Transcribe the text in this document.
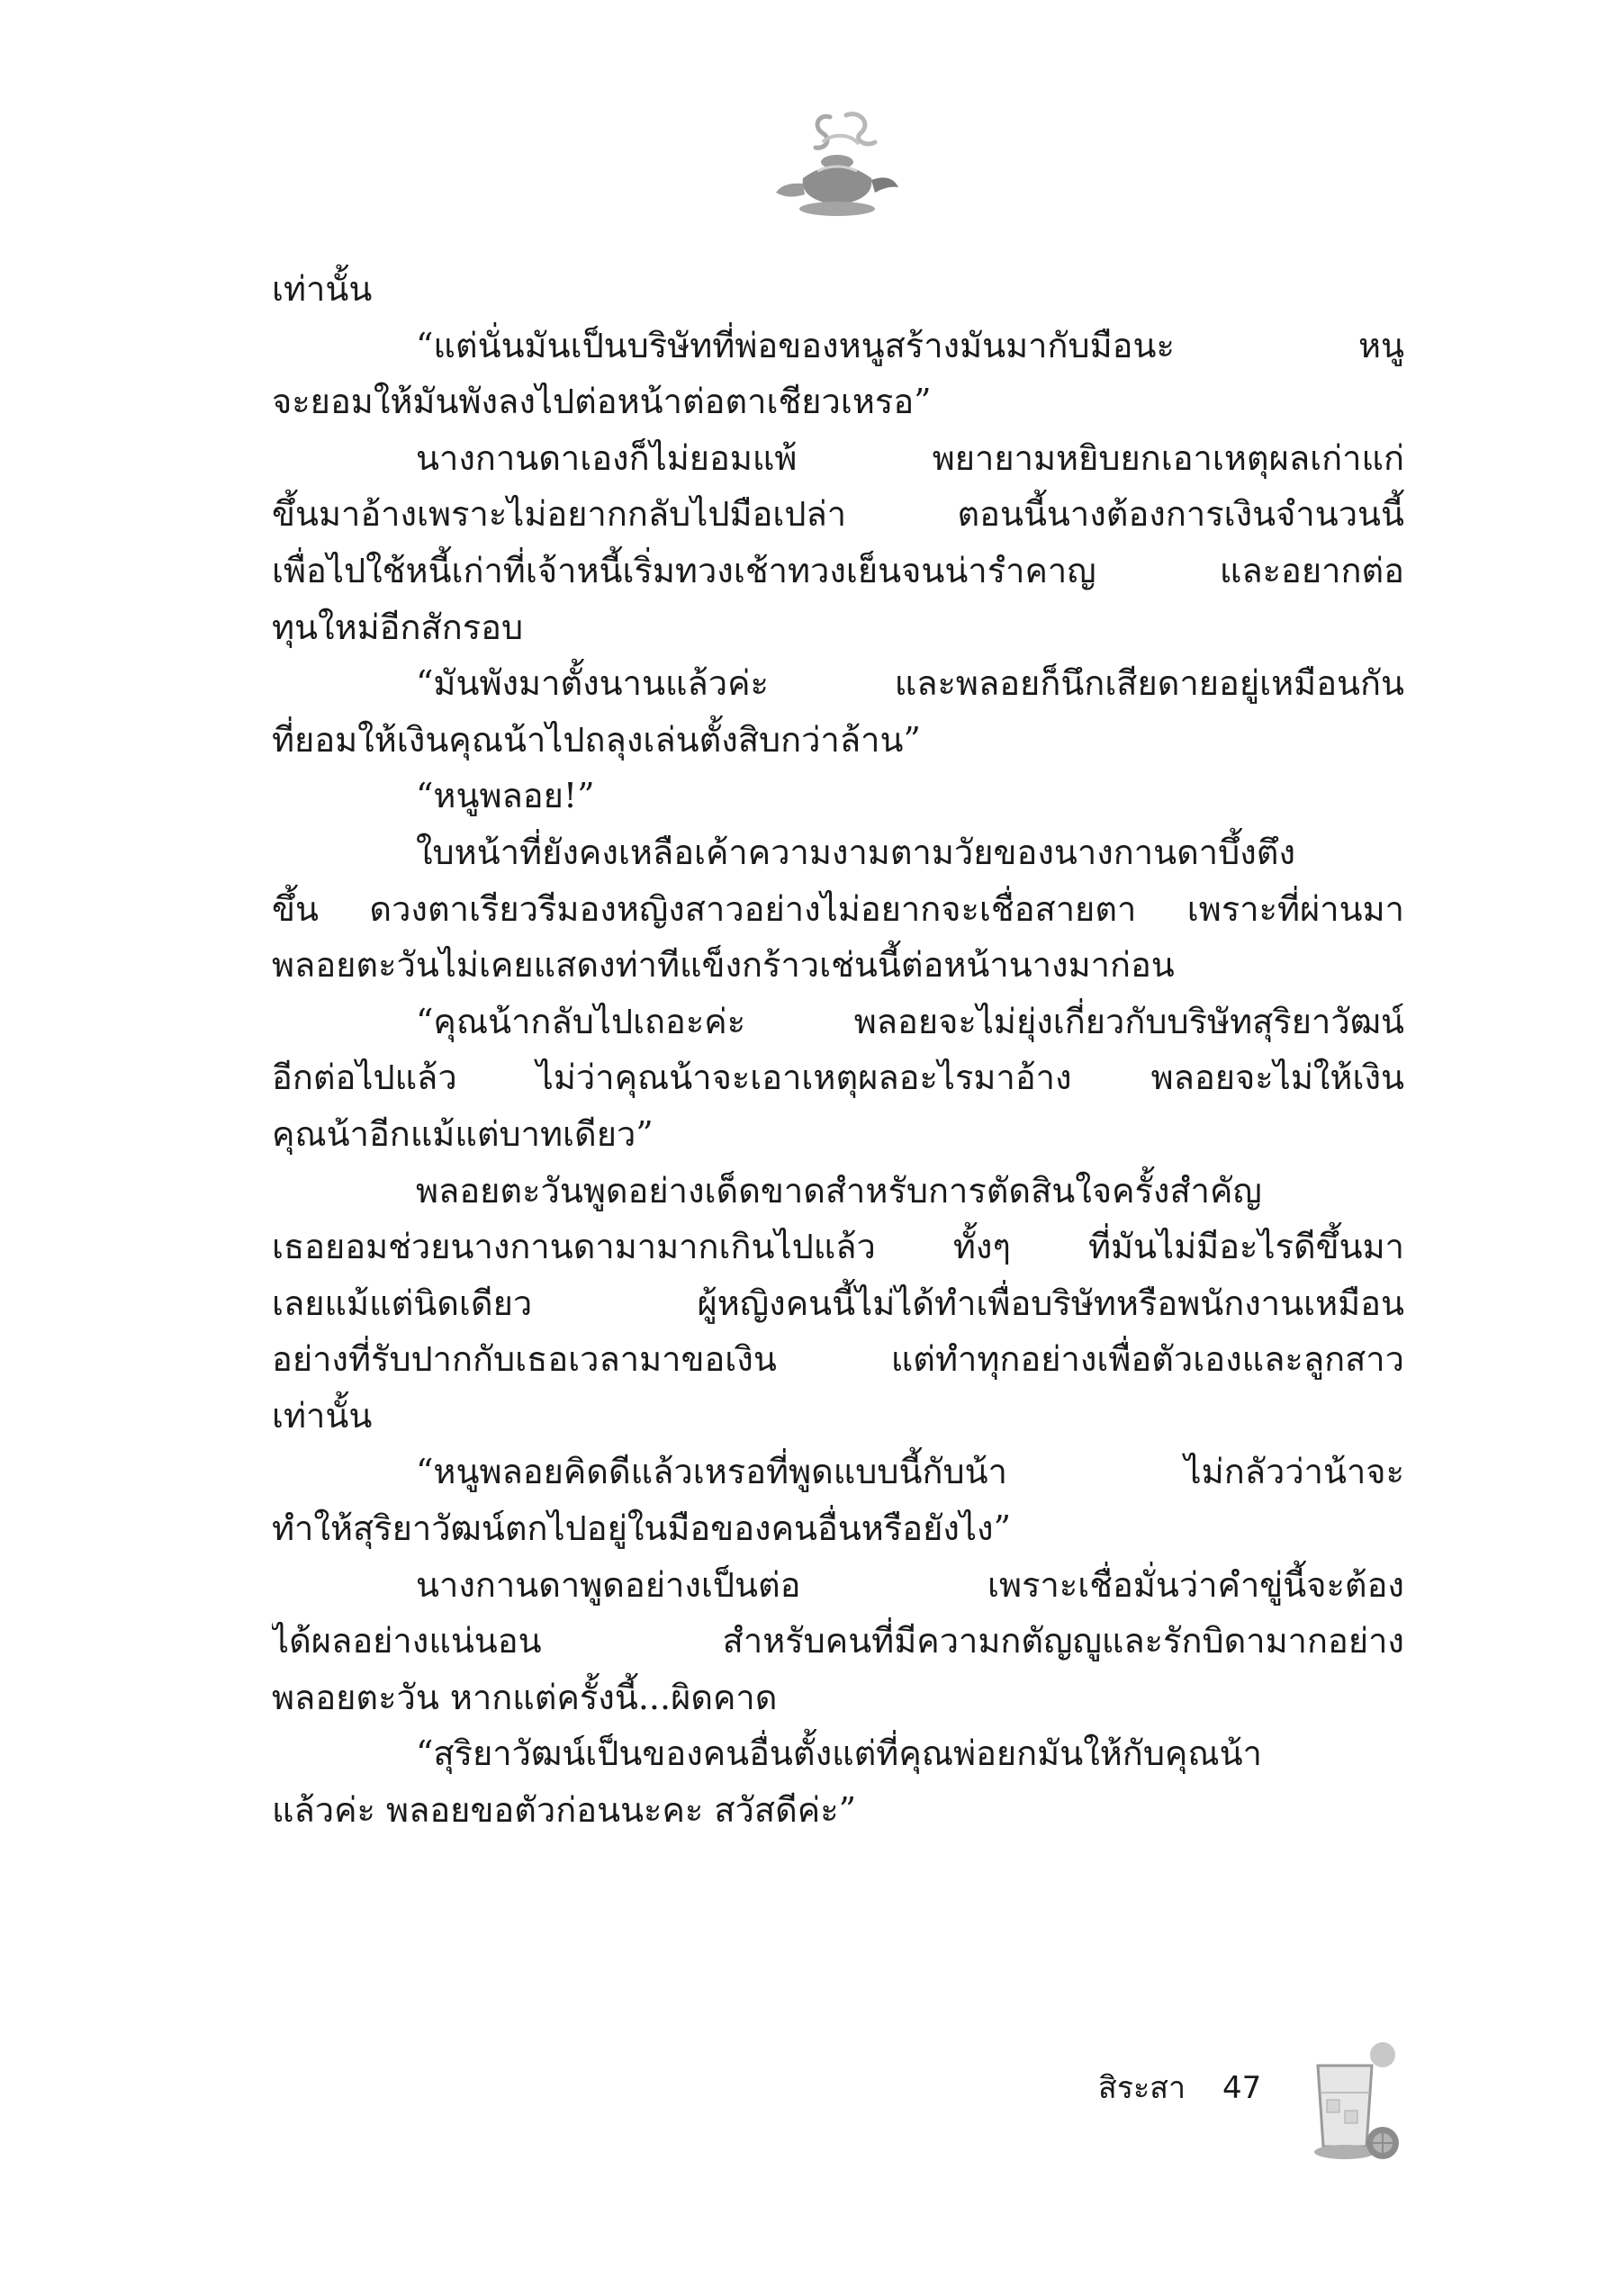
เท่านั้น
“แต่นั่นมันเป็นบริษัทที่พ่อของหนูสร้างมันมากับมือนะ หนู
จะยอมให้มันพังลงไปต่อหน้าต่อตาเชียวเหรอ”
นางกานดาเองก็ไม่ยอมแพ้ พยายามหยิบยกเอาเหตุผลเก่าแก่
ขึ้นมาอ้างเพราะไม่อยากกลับไปมือเปล่า ตอนนี้นางต้องการเงินจำนวนนี้
เพื่อไปใช้หนี้เก่าที่เจ้าหนี้เริ่มทวงเช้าทวงเย็นจนน่ารำคาญ และอยากต่อ
ทุนใหม่อีกสักรอบ
“มันพังมาตั้งนานแล้วค่ะ และพลอยก็นึกเสียดายอยู่เหมือนกัน
ที่ยอมให้เงินคุณน้าไปถลุงเล่นตั้งสิบกว่าล้าน”
“หนูพลอย!”
ใบหน้าที่ยังคงเหลือเค้าความงามตามวัยของนางกานดาบึ้งตึง
ขึ้น ดวงตาเรียวรีมองหญิงสาวอย่างไม่อยากจะเชื่อสายตา เพราะที่ผ่านมา
พลอยตะวันไม่เคยแสดงท่าทีแข็งกร้าวเช่นนี้ต่อหน้านางมาก่อน
“คุณน้ากลับไปเถอะค่ะ พลอยจะไม่ยุ่งเกี่ยวกับบริษัทสุริยาวัฒน์
อีกต่อไปแล้ว ไม่ว่าคุณน้าจะเอาเหตุผลอะไรมาอ้าง พลอยจะไม่ให้เงิน
คุณน้าอีกแม้แต่บาทเดียว”
พลอยตะวันพูดอย่างเด็ดขาดสำหรับการตัดสินใจครั้งสำคัญ
เธอยอมช่วยนางกานดามามากเกินไปแล้ว ทั้งๆ ที่มันไม่มีอะไรดีขึ้นมา
เลยแม้แต่นิดเดียว ผู้หญิงคนนี้ไม่ได้ทำเพื่อบริษัทหรือพนักงานเหมือน
อย่างที่รับปากกับเธอเวลามาขอเงิน แต่ทำทุกอย่างเพื่อตัวเองและลูกสาว
เท่านั้น
“หนูพลอยคิดดีแล้วเหรอที่พูดแบบนี้กับน้า ไม่กลัวว่าน้าจะ
ทำให้สุริยาวัฒน์ตกไปอยู่ในมือของคนอื่นหรือยังไง”
นางกานดาพูดอย่างเป็นต่อ เพราะเชื่อมั่นว่าคำขู่นี้จะต้อง
ได้ผลอย่างแน่นอน สำหรับคนที่มีความกตัญญูและรักบิดามากอย่าง
พลอยตะวัน หากแต่ครั้งนี้...ผิดคาด
“สุริยาวัฒน์เป็นของคนอื่นตั้งแต่ที่คุณพ่อยกมันให้กับคุณน้า
แล้วค่ะ พลอยขอตัวก่อนนะคะ สวัสดีค่ะ”
สิระสา	47
